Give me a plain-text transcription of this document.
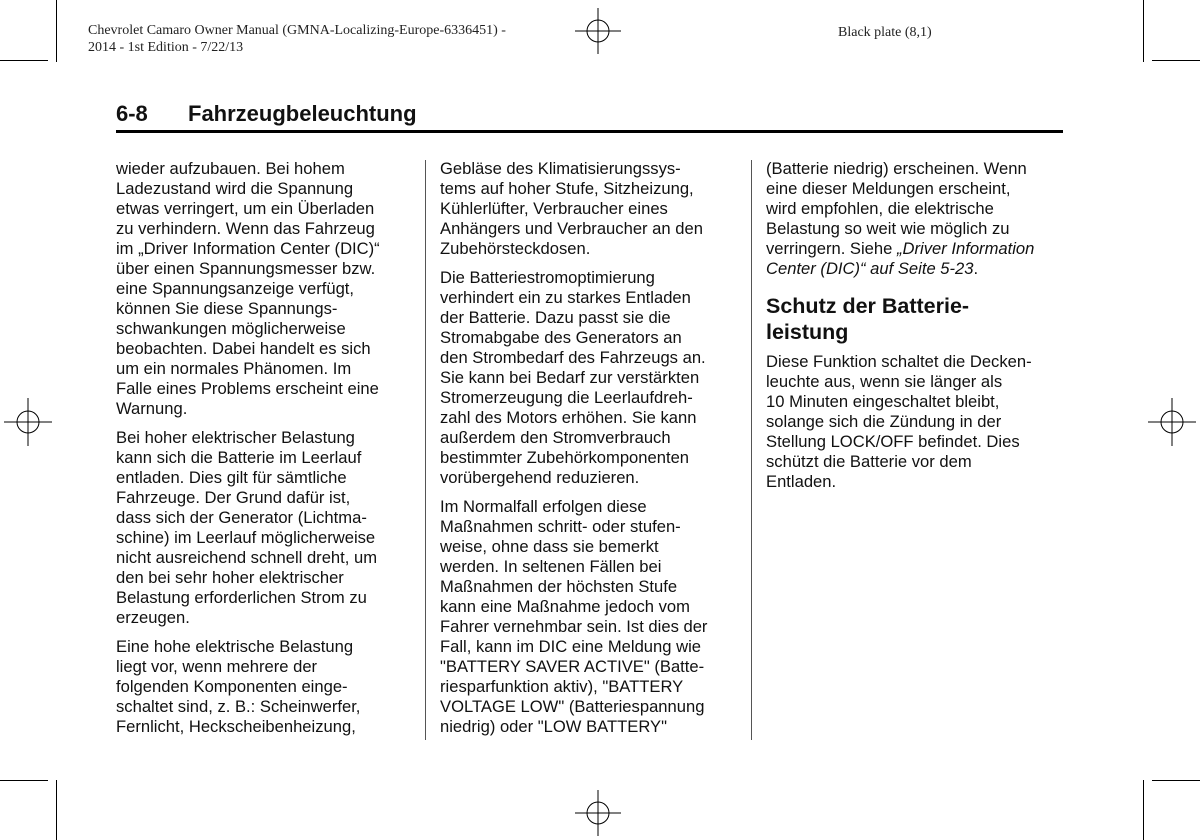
Chevrolet Camaro Owner Manual (GMNA-Localizing-Europe-6336451) -
2014 - 1st Edition - 7/22/13
Black plate (8,1)
6-8 Fahrzeugbeleuchtung

wieder aufzubauen. Bei hohem
Ladezustand wird die Spannung
etwas verringert, um ein Überladen
zu verhindern. Wenn das Fahrzeug
im „Driver Information Center (DIC)“
über einen Spannungsmesser bzw.
eine Spannungsanzeige verfügt,
können Sie diese Spannungs-
schwankungen möglicherweise
beobachten. Dabei handelt es sich
um ein normales Phänomen. Im
Falle eines Problems erscheint eine
Warnung.

Bei hoher elektrischer Belastung
kann sich die Batterie im Leerlauf
entladen. Dies gilt für sämtliche
Fahrzeuge. Der Grund dafür ist,
dass sich der Generator (Lichtma-
schine) im Leerlauf möglicherweise
nicht ausreichend schnell dreht, um
den bei sehr hoher elektrischer
Belastung erforderlichen Strom zu
erzeugen.

Eine hohe elektrische Belastung
liegt vor, wenn mehrere der
folgenden Komponenten einge-
schaltet sind, z. B.: Scheinwerfer,
Fernlicht, Heckscheibenheizung,

Gebläse des Klimatisierungssys-
tems auf hoher Stufe, Sitzheizung,
Kühlerlüfter, Verbraucher eines
Anhängers und Verbraucher an den
Zubehörsteckdosen.

Die Batteriestromoptimierung
verhindert ein zu starkes Entladen
der Batterie. Dazu passt sie die
Stromabgabe des Generators an
den Strombedarf des Fahrzeugs an.
Sie kann bei Bedarf zur verstärkten
Stromerzeugung die Leerlaufdreh-
zahl des Motors erhöhen. Sie kann
außerdem den Stromverbrauch
bestimmter Zubehörkomponenten
vorübergehend reduzieren.

Im Normalfall erfolgen diese
Maßnahmen schritt- oder stufen-
weise, ohne dass sie bemerkt
werden. In seltenen Fällen bei
Maßnahmen der höchsten Stufe
kann eine Maßnahme jedoch vom
Fahrer vernehmbar sein. Ist dies der
Fall, kann im DIC eine Meldung wie
"BATTERY SAVER ACTIVE" (Batte-
riesparfunktion aktiv), "BATTERY
VOLTAGE LOW" (Batteriespannung
niedrig) oder "LOW BATTERY"

(Batterie niedrig) erscheinen. Wenn
eine dieser Meldungen erscheint,
wird empfohlen, die elektrische
Belastung so weit wie möglich zu
verringern. Siehe „Driver Information
Center (DIC)“ auf Seite 5-23.

Schutz der Batterie-
leistung

Diese Funktion schaltet die Decken-
leuchte aus, wenn sie länger als
10 Minuten eingeschaltet bleibt,
solange sich die Zündung in der
Stellung LOCK/OFF befindet. Dies
schützt die Batterie vor dem
Entladen.
